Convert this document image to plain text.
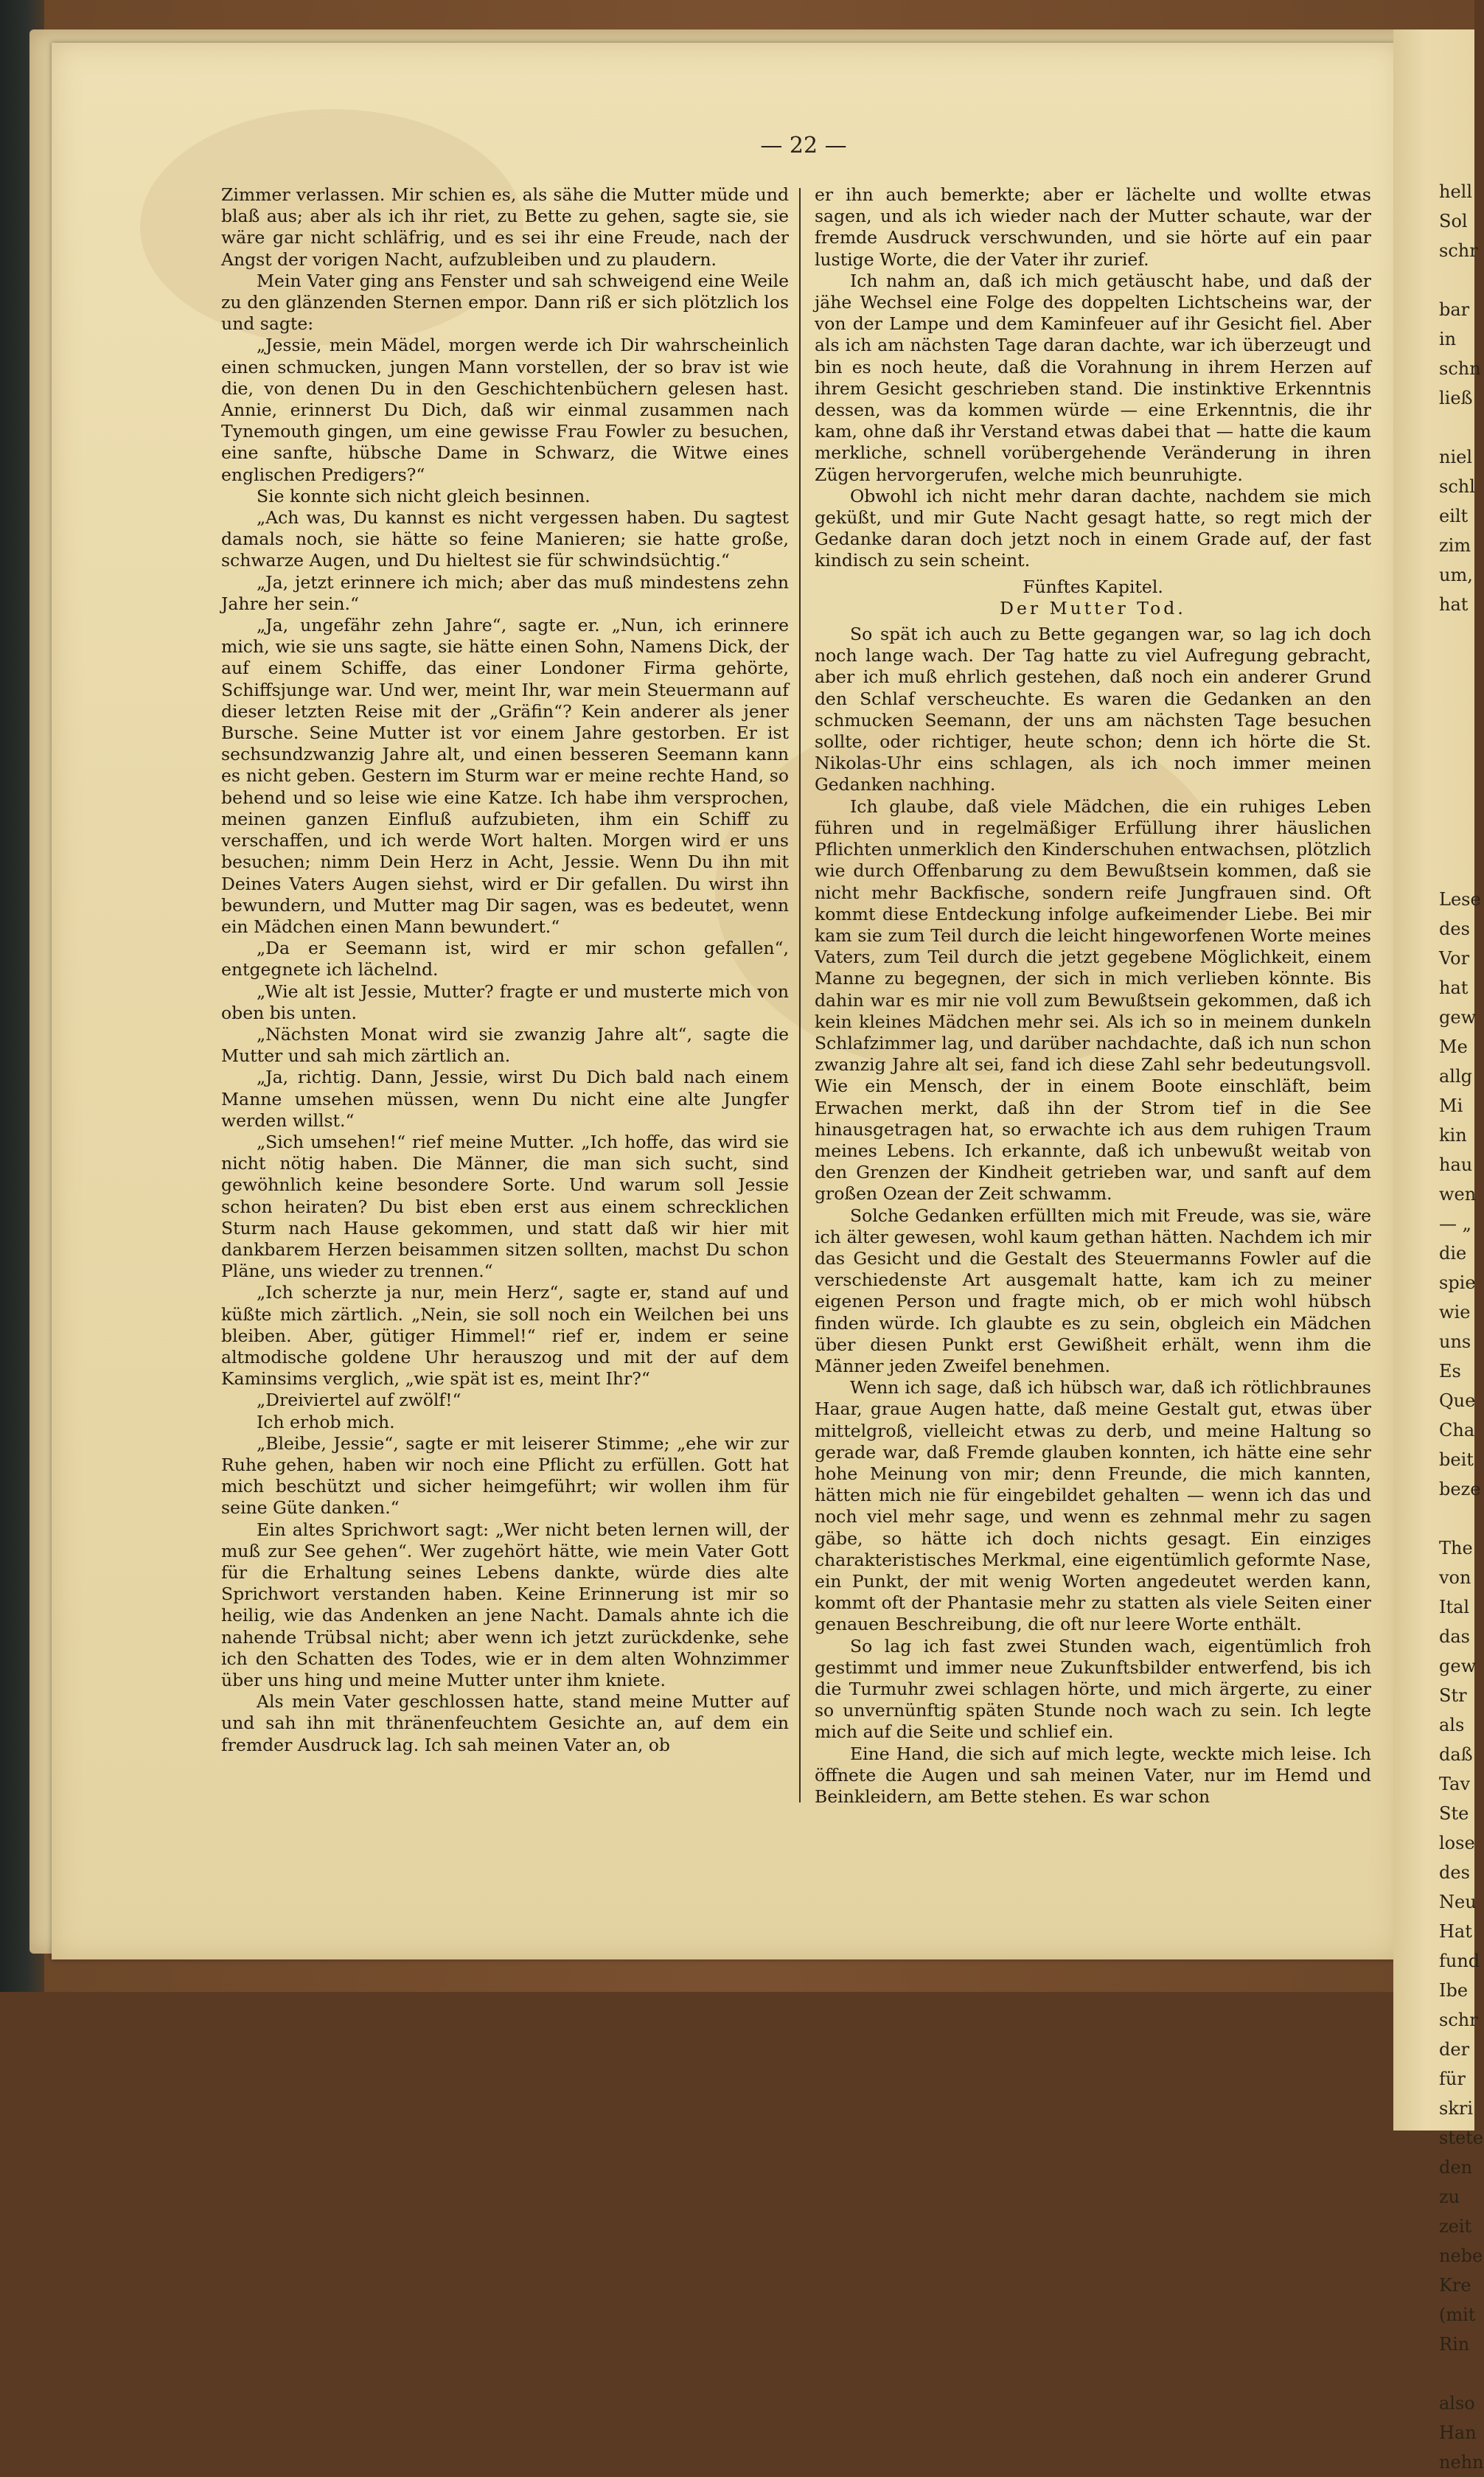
hell
Sol
schr

bar
in
schn
ließ

niel
schl
eilt
zim
um,
hat

Lese
des
Vor
hat
gew
Me
allg
Mi
kin
hau
wen
— „
die
spie
wie
uns
Es
Que
Cha
beit
beze

The
von
Ital
das
gew
Str
als
daß
Tav
Ste
lose
des
Neu
Hat
fund
Ibe
schr
der
für
skri
stete
den
zu
zeit
nebe
Kre
(mit
Rin

also
Han
nehn
— 22 —

Zimmer verlassen. Mir schien es, als sähe die Mutter müde und blaß aus; aber als ich ihr riet, zu Bette zu gehen, sagte sie, sie wäre gar nicht schläfrig, und es sei ihr eine Freude, nach der Angst der vorigen Nacht, aufzubleiben und zu plaudern.

Mein Vater ging ans Fenster und sah schweigend eine Weile zu den glänzenden Sternen empor. Dann riß er sich plötzlich los und sagte:

„Jessie, mein Mädel, morgen werde ich Dir wahrscheinlich einen schmucken, jungen Mann vorstellen, der so brav ist wie die, von denen Du in den Geschichtenbüchern gelesen hast. Annie, erinnerst Du Dich, daß wir einmal zusammen nach Tynemouth gingen, um eine gewisse Frau Fowler zu besuchen, eine sanfte, hübsche Dame in Schwarz, die Witwe eines englischen Predigers?“

Sie konnte sich nicht gleich besinnen.

„Ach was, Du kannst es nicht vergessen haben. Du sagtest damals noch, sie hätte so feine Manieren; sie hatte große, schwarze Augen, und Du hieltest sie für schwindsüchtig.“

„Ja, jetzt erinnere ich mich; aber das muß mindestens zehn Jahre her sein.“

„Ja, ungefähr zehn Jahre“, sagte er. „Nun, ich erinnere mich, wie sie uns sagte, sie hätte einen Sohn, Namens Dick, der auf einem Schiffe, das einer Londoner Firma gehörte, Schiffsjunge war. Und wer, meint Ihr, war mein Steuermann auf dieser letzten Reise mit der „Gräfin“? Kein anderer als jener Bursche. Seine Mutter ist vor einem Jahre gestorben. Er ist sechsundzwanzig Jahre alt, und einen besseren Seemann kann es nicht geben. Gestern im Sturm war er meine rechte Hand, so behend und so leise wie eine Katze. Ich habe ihm versprochen, meinen ganzen Einfluß aufzubieten, ihm ein Schiff zu verschaffen, und ich werde Wort halten. Morgen wird er uns besuchen; nimm Dein Herz in Acht, Jessie. Wenn Du ihn mit Deines Vaters Augen siehst, wird er Dir gefallen. Du wirst ihn bewundern, und Mutter mag Dir sagen, was es bedeutet, wenn ein Mädchen einen Mann bewundert.“

„Da er Seemann ist, wird er mir schon gefallen“, entgegnete ich lächelnd.

„Wie alt ist Jessie, Mutter? fragte er und musterte mich von oben bis unten.

„Nächsten Monat wird sie zwanzig Jahre alt“, sagte die Mutter und sah mich zärtlich an.

„Ja, richtig. Dann, Jessie, wirst Du Dich bald nach einem Manne umsehen müssen, wenn Du nicht eine alte Jungfer werden willst.“

„Sich umsehen!“ rief meine Mutter. „Ich hoffe, das wird sie nicht nötig haben. Die Männer, die man sich sucht, sind gewöhnlich keine besondere Sorte. Und warum soll Jessie schon heiraten? Du bist eben erst aus einem schrecklichen Sturm nach Hause gekommen, und statt daß wir hier mit dankbarem Herzen beisammen sitzen sollten, machst Du schon Pläne, uns wieder zu trennen.“

„Ich scherzte ja nur, mein Herz“, sagte er, stand auf und küßte mich zärtlich. „Nein, sie soll noch ein Weilchen bei uns bleiben. Aber, gütiger Himmel!“ rief er, indem er seine altmodische goldene Uhr herauszog und mit der auf dem Kaminsims verglich, „wie spät ist es, meint Ihr?“

„Dreiviertel auf zwölf!“

Ich erhob mich.

„Bleibe, Jessie“, sagte er mit leiserer Stimme; „ehe wir zur Ruhe gehen, haben wir noch eine Pflicht zu erfüllen. Gott hat mich beschützt und sicher heimgeführt; wir wollen ihm für seine Güte danken.“

Ein altes Sprichwort sagt: „Wer nicht beten lernen will, der muß zur See gehen“. Wer zugehört hätte, wie mein Vater Gott für die Erhaltung seines Lebens dankte, würde dies alte Sprichwort verstanden haben. Keine Erinnerung ist mir so heilig, wie das Andenken an jene Nacht. Damals ahnte ich die nahende Trübsal nicht; aber wenn ich jetzt zurückdenke, sehe ich den Schatten des Todes, wie er in dem alten Wohnzimmer über uns hing und meine Mutter unter ihm kniete.

Als mein Vater geschlossen hatte, stand meine Mutter auf und sah ihn mit thränenfeuchtem Gesichte an, auf dem ein fremder Ausdruck lag. Ich sah meinen Vater an, ob

er ihn auch bemerkte; aber er lächelte und wollte etwas sagen, und als ich wieder nach der Mutter schaute, war der fremde Ausdruck verschwunden, und sie hörte auf ein paar lustige Worte, die der Vater ihr zurief.

Ich nahm an, daß ich mich getäuscht habe, und daß der jähe Wechsel eine Folge des doppelten Lichtscheins war, der von der Lampe und dem Kaminfeuer auf ihr Gesicht fiel. Aber als ich am nächsten Tage daran dachte, war ich überzeugt und bin es noch heute, daß die Vorahnung in ihrem Herzen auf ihrem Gesicht geschrieben stand. Die instinktive Erkenntnis dessen, was da kommen würde — eine Erkenntnis, die ihr kam, ohne daß ihr Verstand etwas dabei that — hatte die kaum merkliche, schnell vorübergehende Veränderung in ihren Zügen hervorgerufen, welche mich beunruhigte.

Obwohl ich nicht mehr daran dachte, nachdem sie mich geküßt, und mir Gute Nacht gesagt hatte, so regt mich der Gedanke daran doch jetzt noch in einem Grade auf, der fast kindisch zu sein scheint.

Fünftes Kapitel.

Der Mutter Tod.

So spät ich auch zu Bette gegangen war, so lag ich doch noch lange wach. Der Tag hatte zu viel Aufregung gebracht, aber ich muß ehrlich gestehen, daß noch ein anderer Grund den Schlaf verscheuchte. Es waren die Gedanken an den schmucken Seemann, der uns am nächsten Tage besuchen sollte, oder richtiger, heute schon; denn ich hörte die St. Nikolas-Uhr eins schlagen, als ich noch immer meinen Gedanken nachhing.

Ich glaube, daß viele Mädchen, die ein ruhiges Leben führen und in regelmäßiger Erfüllung ihrer häuslichen Pflichten unmerklich den Kinderschuhen entwachsen, plötzlich wie durch Offenbarung zu dem Bewußtsein kommen, daß sie nicht mehr Backfische, sondern reife Jungfrauen sind. Oft kommt diese Entdeckung infolge aufkeimender Liebe. Bei mir kam sie zum Teil durch die leicht hingeworfenen Worte meines Vaters, zum Teil durch die jetzt gegebene Möglichkeit, einem Manne zu begegnen, der sich in mich verlieben könnte. Bis dahin war es mir nie voll zum Bewußtsein gekommen, daß ich kein kleines Mädchen mehr sei. Als ich so in meinem dunkeln Schlafzimmer lag, und darüber nachdachte, daß ich nun schon zwanzig Jahre alt sei, fand ich diese Zahl sehr bedeutungsvoll. Wie ein Mensch, der in einem Boote einschläft, beim Erwachen merkt, daß ihn der Strom tief in die See hinausgetragen hat, so erwachte ich aus dem ruhigen Traum meines Lebens. Ich erkannte, daß ich unbewußt weitab von den Grenzen der Kindheit getrieben war, und sanft auf dem großen Ozean der Zeit schwamm.

Solche Gedanken erfüllten mich mit Freude, was sie, wäre ich älter gewesen, wohl kaum gethan hätten. Nachdem ich mir das Gesicht und die Gestalt des Steuermanns Fowler auf die verschiedenste Art ausgemalt hatte, kam ich zu meiner eigenen Person und fragte mich, ob er mich wohl hübsch finden würde. Ich glaubte es zu sein, obgleich ein Mädchen über diesen Punkt erst Gewißheit erhält, wenn ihm die Männer jeden Zweifel benehmen.

Wenn ich sage, daß ich hübsch war, daß ich rötlichbraunes Haar, graue Augen hatte, daß meine Gestalt gut, etwas über mittelgroß, vielleicht etwas zu derb, und meine Haltung so gerade war, daß Fremde glauben konnten, ich hätte eine sehr hohe Meinung von mir; denn Freunde, die mich kannten, hätten mich nie für eingebildet gehalten — wenn ich das und noch viel mehr sage, und wenn es zehnmal mehr zu sagen gäbe, so hätte ich doch nichts gesagt. Ein einziges charakteristisches Merkmal, eine eigentümlich geformte Nase, ein Punkt, der mit wenig Worten angedeutet werden kann, kommt oft der Phantasie mehr zu statten als viele Seiten einer genauen Beschreibung, die oft nur leere Worte enthält.

So lag ich fast zwei Stunden wach, eigentümlich froh gestimmt und immer neue Zukunftsbilder entwerfend, bis ich die Turmuhr zwei schlagen hörte, und mich ärgerte, zu einer so unvernünftig späten Stunde noch wach zu sein. Ich legte mich auf die Seite und schlief ein.

Eine Hand, die sich auf mich legte, weckte mich leise. Ich öffnete die Augen und sah meinen Vater, nur im Hemd und Beinkleidern, am Bette stehen. Es war schon
